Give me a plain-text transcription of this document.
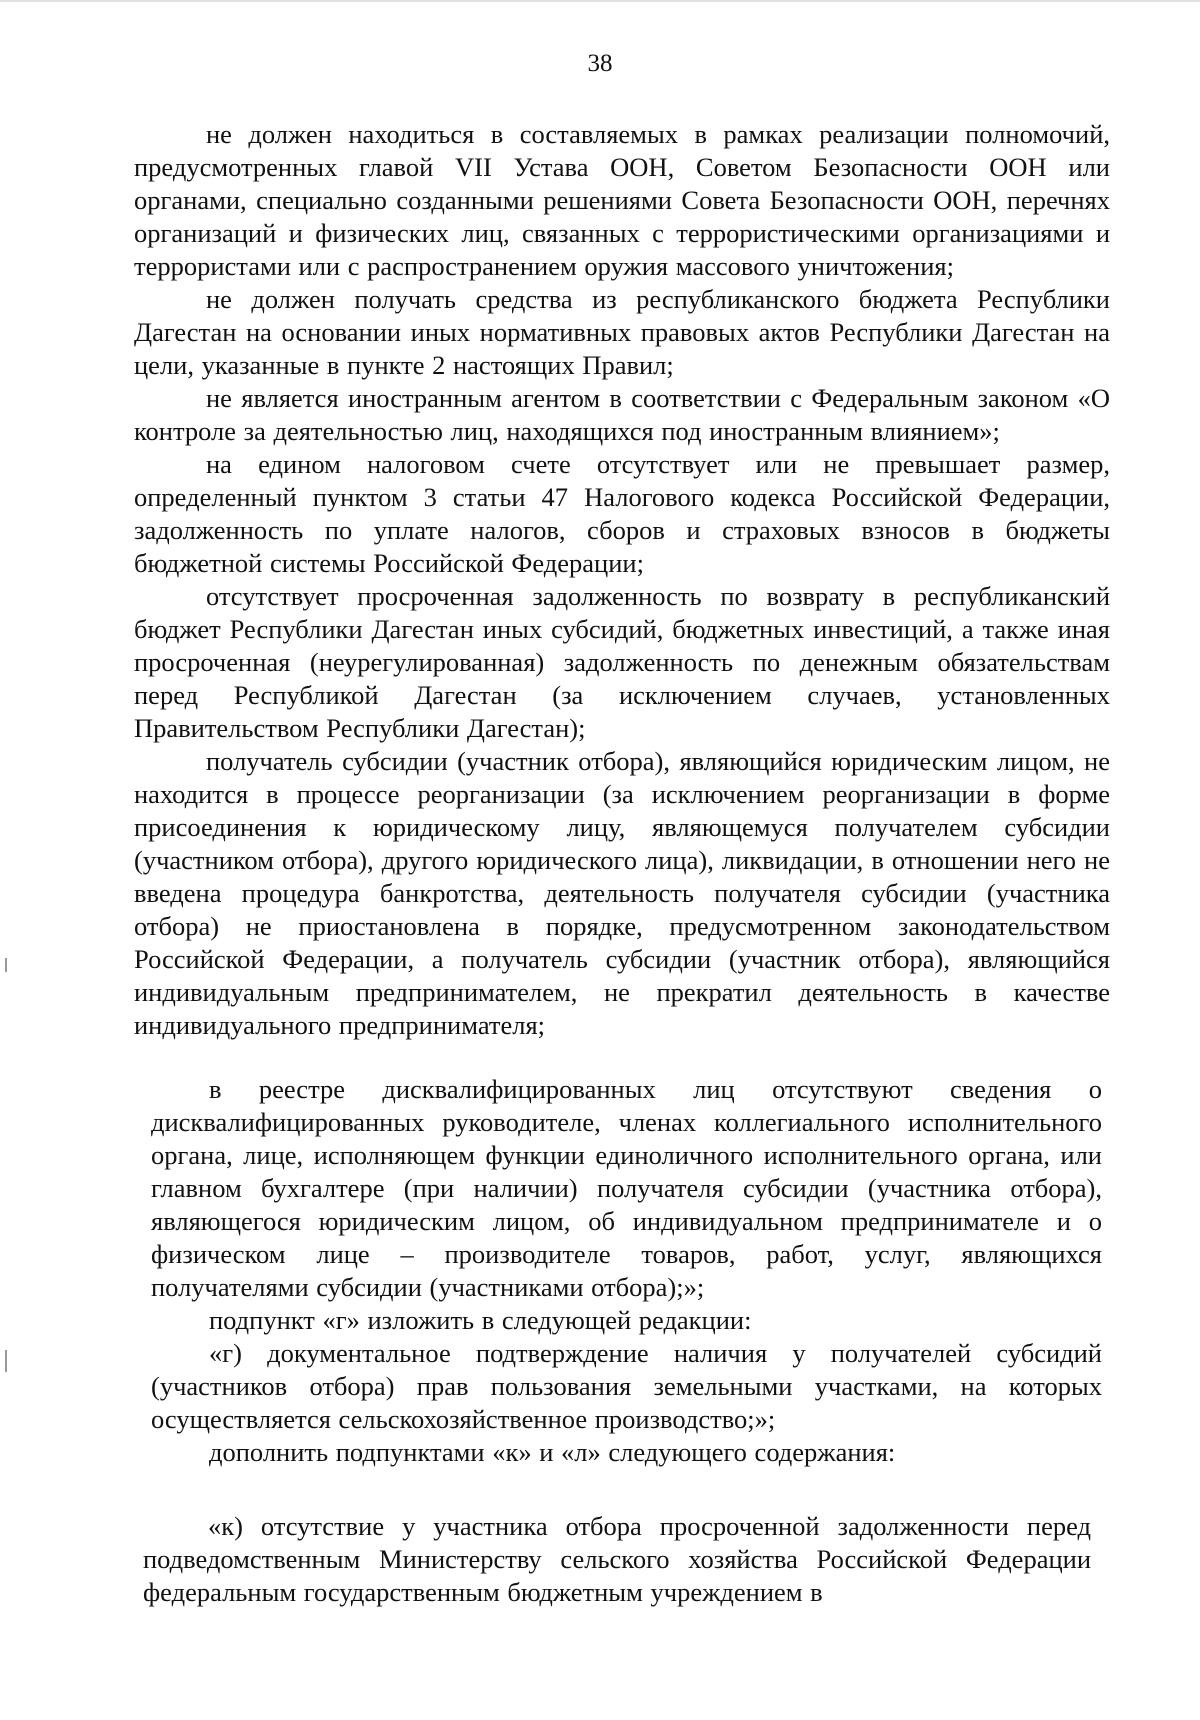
38

не должен находиться в составляемых в рамках реализации полномочий, предусмотренных главой VII Устава ООН, Советом Безопасности ООН или органами, специально созданными решениями Совета Безопасности ООН, перечнях организаций и физических лиц, связанных с террористическими организациями и террористами или с распространением оружия массового уничтожения;

не должен получать средства из республиканского бюджета Республики Дагестан на основании иных нормативных правовых актов Республики Дагестан на цели, указанные в пункте 2 настоящих Правил;

не является иностранным агентом в соответствии с Федеральным законом «О контроле за деятельностью лиц, находящихся под иностранным влиянием»;

на едином налоговом счете отсутствует или не превышает размер, определенный пунктом 3 статьи 47 Налогового кодекса Российской Федерации, задолженность по уплате налогов, сборов и страховых взносов в бюджеты бюджетной системы Российской Федерации;

отсутствует просроченная задолженность по возврату в республиканский бюджет Республики Дагестан иных субсидий, бюджетных инвестиций, а также иная просроченная (неурегулированная) задолженность по денежным обязательствам перед Республикой Дагестан (за исключением случаев, установленных Правительством Республики Дагестан);

получатель субсидии (участник отбора), являющийся юридическим лицом, не находится в процессе реорганизации (за исключением реорганизации в форме присоединения к юридическому лицу, являющемуся получателем субсидии (участником отбора), другого юридического лица), ликвидации, в отношении него не введена процедура банкротства, деятельность получателя субсидии (участника отбора) не приостановлена в порядке, предусмотренном законодательством Российской Федерации, а получатель субсидии (участник отбора), являющийся индивидуальным предпринимателем, не прекратил деятельность в качестве индивидуального предпринимателя;

в реестре дисквалифицированных лиц отсутствуют сведения о дисквалифицированных руководителе, членах коллегиального исполнительного органа, лице, исполняющем функции единоличного исполнительного органа, или главном бухгалтере (при наличии) получателя субсидии (участника отбора), являющегося юридическим лицом, об индивидуальном предпринимателе и о физическом лице – производителе товаров, работ, услуг, являющихся получателями субсидии (участниками отбора);»;

подпункт «г» изложить в следующей редакции:

«г) документальное подтверждение наличия у получателей субсидий (участников отбора) прав пользования земельными участками, на которых осуществляется сельскохозяйственное производство;»;

дополнить подпунктами «к» и «л» следующего содержания:

«к) отсутствие у участника отбора просроченной задолженности перед подведомственным Министерству сельского хозяйства Российской Федерации федеральным государственным бюджетным учреждением в
